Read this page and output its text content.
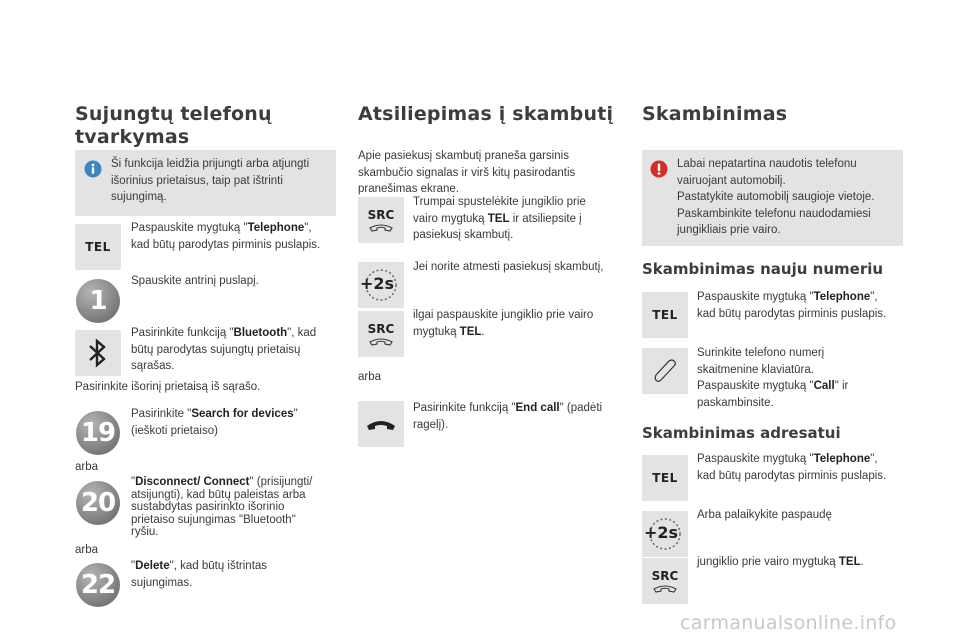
Sujungtų telefonų
tvarkymas
Ši funkcija leidžia prijungti arba atjungti
išorinius prietaisus, taip pat ištrinti
sujungimą.
TEL
Paspauskite mygtuką "Telephone",
kad būtų parodytas pirminis puslapis.
1
Spauskite antrinį puslapį.
Pasirinkite funkciją "Bluetooth", kad
būtų parodytas sujungtų prietaisų
sąrašas.
Pasirinkite išorinį prietaisą iš sąrašo.
19
Pasirinkite "Search for devices"
(ieškoti prietaiso)
arba
20
"Disconnect/ Connect" (prisijungti/
atsijungti), kad būtų paleistas arba
sustabdytas pasirinkto išorinio
prietaiso sujungimas "Bluetooth"
ryšiu.
arba
22
"Delete", kad būtų ištrintas
sujungimas.
Atsiliepimas į skambutį
Apie pasiekusį skambutį praneša garsinis
skambučio signalas ir virš kitų pasirodantis
pranešimas ekrane.
SRC
Trumpai spustelėkite jungiklio prie
vairo mygtuką TEL ir atsiliepsite į
pasiekusį skambutį.
+2s
Jei norite atmesti pasiekusį skambutį,
SRC
ilgai paspauskite jungiklio prie vairo
mygtuką TEL.
arba
Pasirinkite funkciją "End call" (padėti
ragelį).
Skambinimas
Labai nepatartina naudotis telefonu
vairuojant automobilį.
Pastatykite automobilį saugioje vietoje.
Paskambinkite telefonu naudodamiesi
jungikliais prie vairo.
Skambinimas nauju numeriu
TEL
Paspauskite mygtuką "Telephone",
kad būtų parodytas pirminis puslapis.
Surinkite telefono numerį
skaitmenine klaviatūra.
Paspauskite mygtuką "Call" ir
paskambinsite.
Skambinimas adresatui
TEL
Paspauskite mygtuką "Telephone",
kad būtų parodytas pirminis puslapis.
+2s
Arba palaikykite paspaudę
SRC
jungiklio prie vairo mygtuką TEL.
carmanualsonline.info
